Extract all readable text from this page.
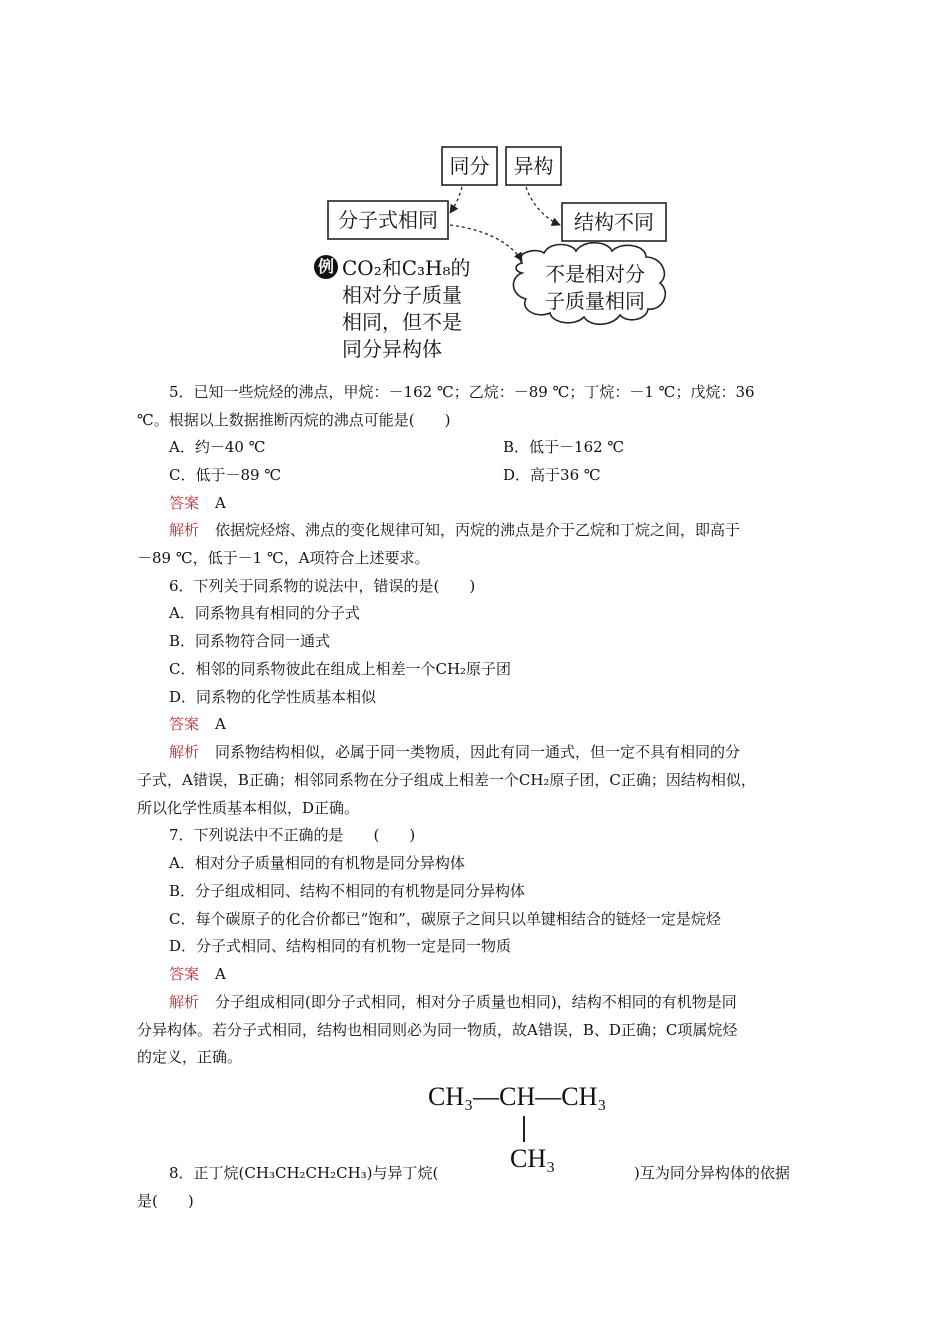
同分	异构
分子式相同	结构不同
不是相对分
子质量相同
例 CO₂和C₃H₈的
相对分子质量
相同，但不是
同分异构体
5．已知一些烷烃的沸点，甲烷：－162 ℃；乙烷：－89 ℃；丁烷：－1 ℃；戊烷：36
℃。根据以上数据推断丙烷的沸点可能是(　　)
A．约－40 ℃	B．低于－162 ℃
C．低于－89 ℃	D．高于36 ℃
答案 A
解析 依据烷烃熔、沸点的变化规律可知，丙烷的沸点是介于乙烷和丁烷之间，即高于
－89 ℃，低于－1 ℃，A项符合上述要求。
6．下列关于同系物的说法中，错误的是(　　)
A．同系物具有相同的分子式
B．同系物符合同一通式
C．相邻的同系物彼此在组成上相差一个CH₂原子团
D．同系物的化学性质基本相似
答案 A
解析 同系物结构相似，必属于同一类物质，因此有同一通式，但一定不具有相同的分
子式，A错误，B正确；相邻同系物在分子组成上相差一个CH₂原子团，C正确；因结构相似，
所以化学性质基本相似，D正确。
7．下列说法中不正确的是　　(　　)
A．相对分子质量相同的有机物是同分异构体
B．分子组成相同、结构不相同的有机物是同分异构体
C．每个碳原子的化合价都已“饱和”，碳原子之间只以单键相结合的链烃一定是烷烃
D．分子式相同、结构相同的有机物一定是同一物质
答案 A
解析 分子组成相同(即分子式相同，相对分子质量也相同)，结构不相同的有机物是同
分异构体。若分子式相同，结构也相同则必为同一物质，故A错误，B、D正确；C项属烷烃
的定义，正确。
CH₃—CH—CH₃
CH₃
8．正丁烷(CH₃CH₂CH₂CH₃)与异丁烷(	)互为同分异构体的依据
是(　　)
